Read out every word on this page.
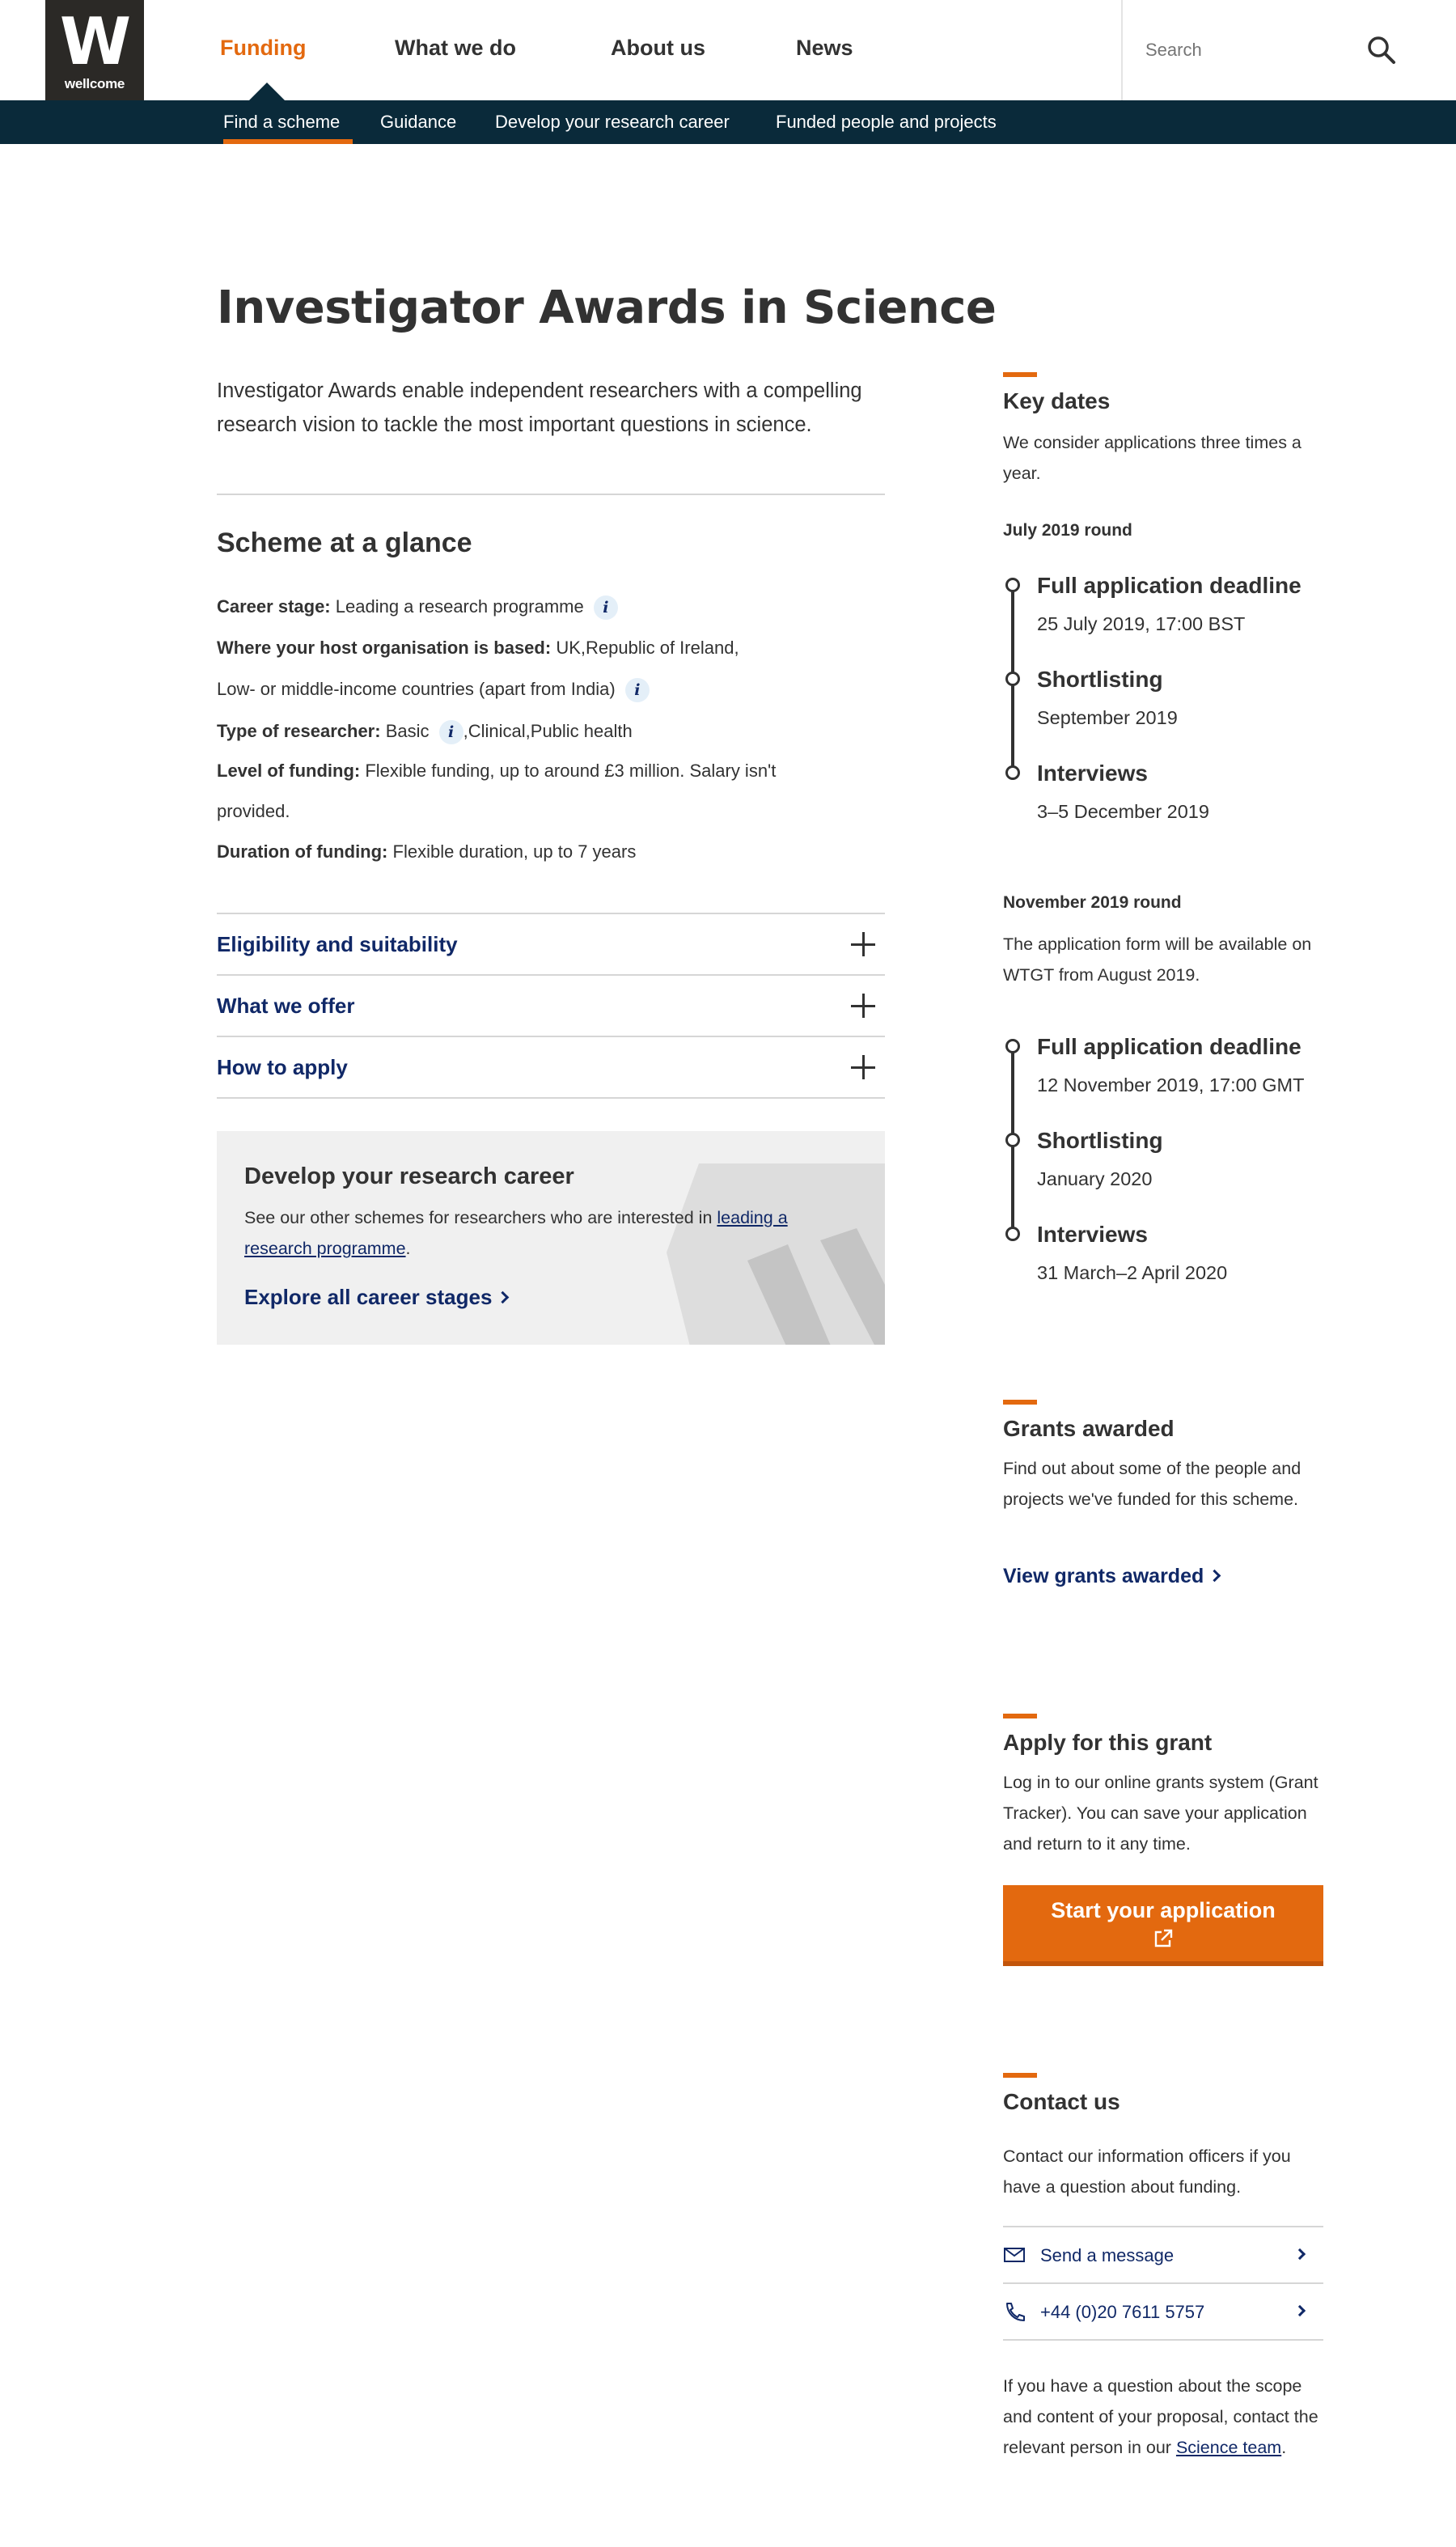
W
wellcome
Funding	What we do	About us	News
Search
Find a scheme Guidance Develop your research career	Funded people and projects
Investigator Awards in Science

Investigator Awards enable independent researchers with a compelling research vision to tackle the most important questions in science.

Scheme at a glance
Career stage: Leading a research programme i
Where your host organisation is based: UK,Republic of Ireland,
Low- or middle-income countries (apart from India) i
Type of researcher: Basic i ,Clinical,Public health
Level of funding: Flexible funding, up to around £3 million. Salary isn't
provided.
Duration of funding: Flexible duration, up to 7 years
Eligibility and suitability
What we offer
How to apply
Develop your research career

See our other schemes for researchers who are interested in leading a research programme.

Explore all career stages
Key dates

We consider applications three times a year.

July 2019 round
Full application deadline
25 July 2019, 17:00 BST
Shortlisting
September 2019
Interviews
3–5 December 2019
November 2019 round

The application form will be available on WTGT from August 2019.

Full application deadline
12 November 2019, 17:00 GMT
Shortlisting
January 2020
Interviews
31 March–2 April 2020
Grants awarded

Find out about some of the people and projects we've funded for this scheme.

View grants awarded
Apply for this grant

Log in to our online grants system (Grant Tracker). You can save your application and return to it any time.

Start your application
Contact us

Contact our information officers if you have a question about funding.

Send a message
+44 (0)20 7611 5757

If you have a question about the scope and content of your proposal, contact the relevant person in our Science team.
